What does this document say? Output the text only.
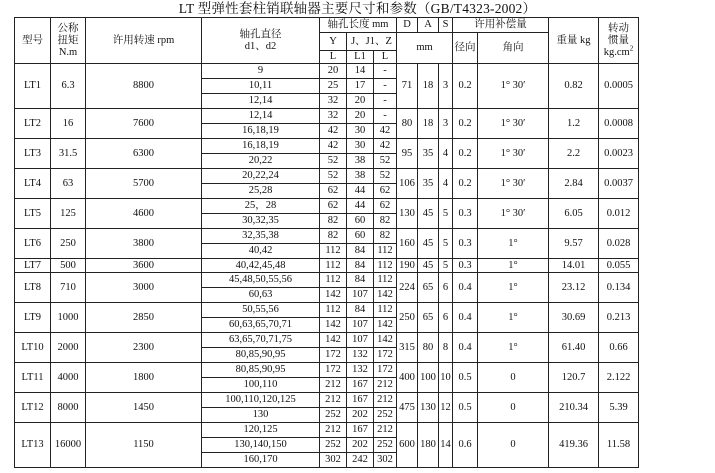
LT 型弹性套柱销联轴器主要尺寸和参数（GB/T4323-2002）
型号	公称
扭矩
N.m	许用转速 rpm	轴孔直径
d1、d2	轴孔长度 mm			D	A	S	许用补偿量		重量 kg	转动
惯量
$kg.cm^2$

				Y	J、J1、Z		mm			径向	角向		
				L	L1	L							
LT1	6.3	8800	9	20	14	-	71	18	3	0.2	1° 30′	0.82	0.0005
			10,11	25	17	-							
			12,14	32	20	-							
LT2	16	7600	12,14	32	20	-	80	18	3	0.2	1° 30′	1.2	0.0008
			16,18,19	42	30	42							
LT3	31.5	6300	16,18,19	42	30	42	95	35	4	0.2	1° 30′	2.2	0.0023
			20,22	52	38	52							
LT4	63	5700	20,22,24	52	38	52	106	35	4	0.2	1° 30′	2.84	0.0037
			25,28	62	44	62							
LT5	125	4600	25，28	62	44	62	130	45	5	0.3	1° 30′	6.05	0.012
			30,32,35	82	60	82							
LT6	250	3800	32,35,38	82	60	82	160	45	5	0.3	1°	9.57	0.028
			40,42	112	84	112							
LT7	500	3600	40,42,45,48	112	84	112	190	45	5	0.3	1°	14.01	0.055
LT8	710	3000	45,48,50,55,56	112	84	112	224	65	6	0.4	1°	23.12	0.134
			60,63	142	107	142							
LT9	1000	2850	50,55,56	112	84	112	250	65	6	0.4	1°	30.69	0.213
			60,63,65,70,71	142	107	142							
LT10	2000	2300	63,65,70,71,75	142	107	142	315	80	8	0.4	1°	61.40	0.66
			80,85,90,95	172	132	172							
LT11	4000	1800	80,85,90,95	172	132	172	400	100	10	0.5	0	120.7	2.122
			100,110	212	167	212							
LT12	8000	1450	100,110,120,125	212	167	212	475	130	12	0.5	0	210.34	5.39
			130	252	202	252							
LT13	16000	1150	120,125	212	167	212	600	180	14	0.6	0	419.36	11.58
			130,140,150	252	202	252							
			160,170	302	242	302							
